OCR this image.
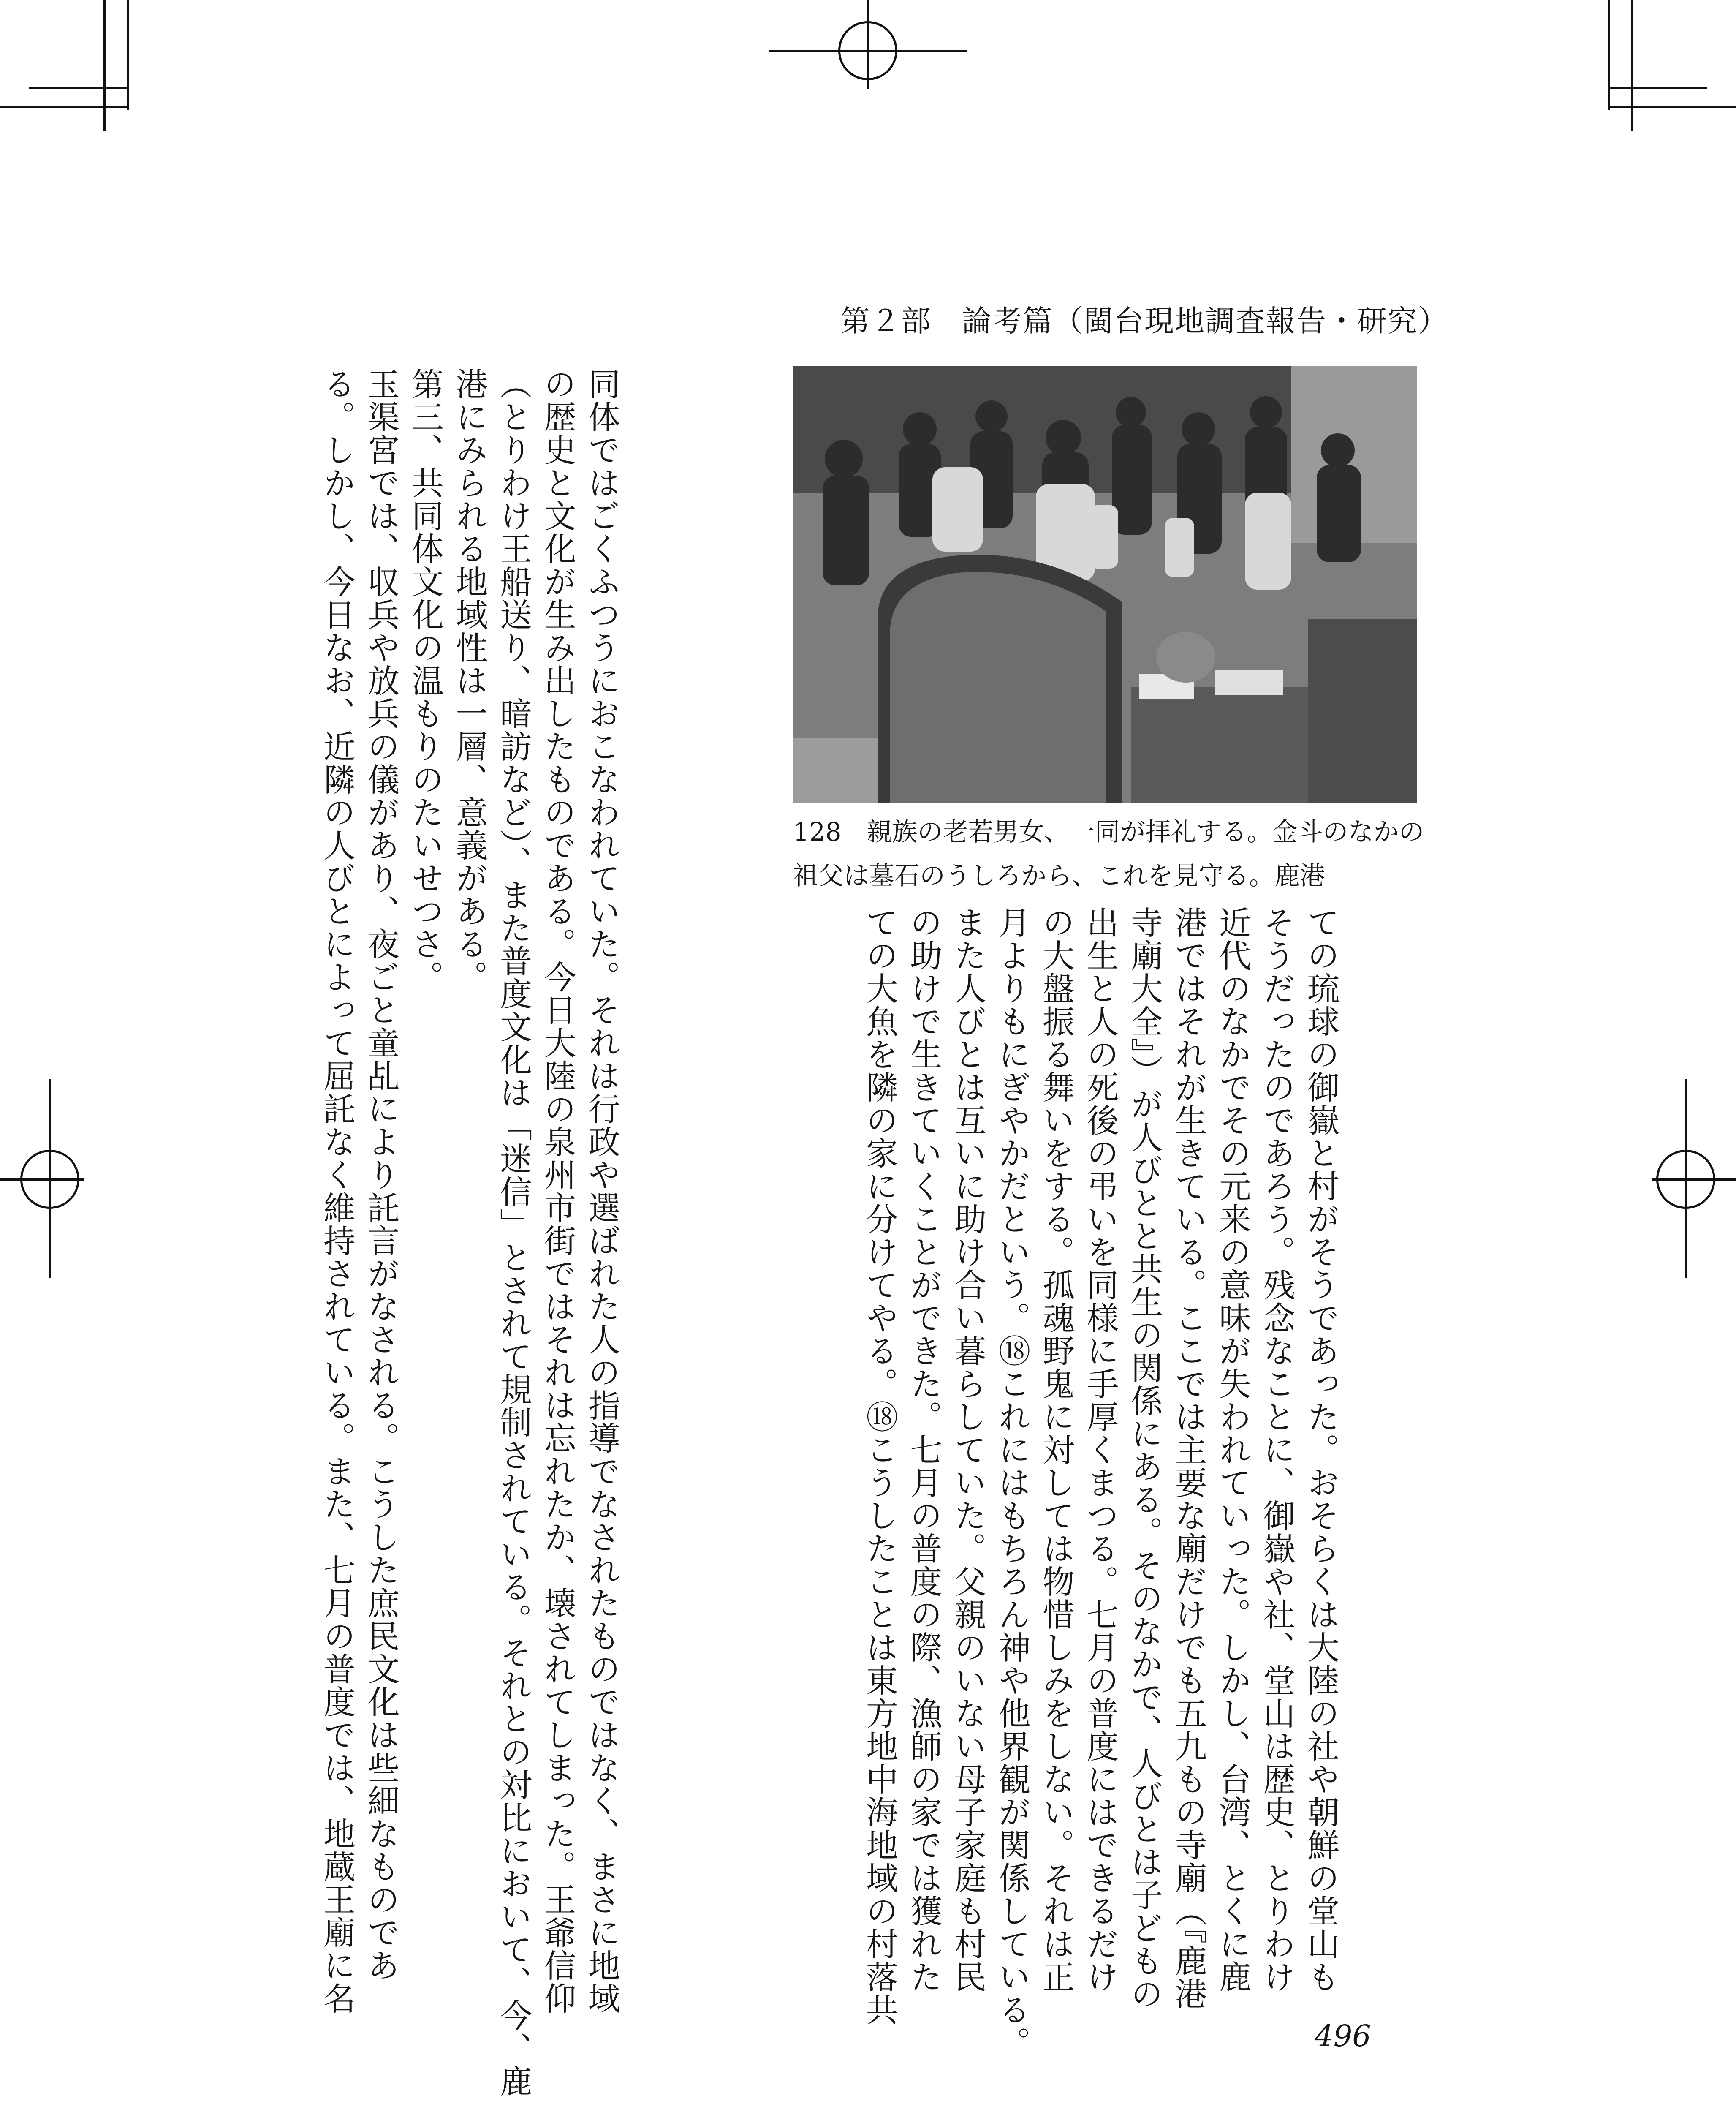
第２部　論考篇（閩台現地調査報告・研究）
128　親族の老若男女、一同が拝礼する。金斗のなかの
祖父は墓石のうしろから、これを見守る。鹿港
ての琉球の御嶽と村がそうであった。おそらくは大陸の社や朝鮮の堂山も
そうだったのであろう。残念なことに、御嶽や社、堂山は歴史、とりわけ
近代のなかでその元来の意味が失われていった。しかし、台湾、とくに鹿
港ではそれが生きている。ここでは主要な廟だけでも五九もの寺廟（『鹿港
寺廟大全』）が人びとと共生の関係にある。そのなかで、人びとは子どもの
出生と人の死後の弔いを同様に手厚くまつる。七月の普度にはできるだけ
の大盤振る舞いをする。孤魂野鬼に対しては物惜しみをしない。それは正
月よりもにぎやかだという。⑱これにはもちろん神や他界観が関係している。
また人びとは互いに助け合い暮らしていた。父親のいない母子家庭も村民
の助けで生きていくことができた。七月の普度の際、漁師の家では獲れた
ての大魚を隣の家に分けてやる。⑱こうしたことは東方地中海地域の村落共
同体ではごくふつうにおこなわれていた。それは行政や選ばれた人の指導でなされたものではなく、まさに地域
の歴史と文化が生み出したものである。今日大陸の泉州市街ではそれは忘れたか、壊されてしまった。王爺信仰
（とりわけ王船送り、暗訪など）、また普度文化は「迷信」とされて規制されている。それとの対比において、今、鹿
港にみられる地域性は一層、意義がある。
第三、共同体文化の温もりのたいせつさ。
玉渠宮では、収兵や放兵の儀があり、夜ごと童乩により託言がなされる。こうした庶民文化は些細なものであ
る。しかし、今日なお、近隣の人びとによって屈託なく維持されている。また、七月の普度では、地蔵王廟に名
496
